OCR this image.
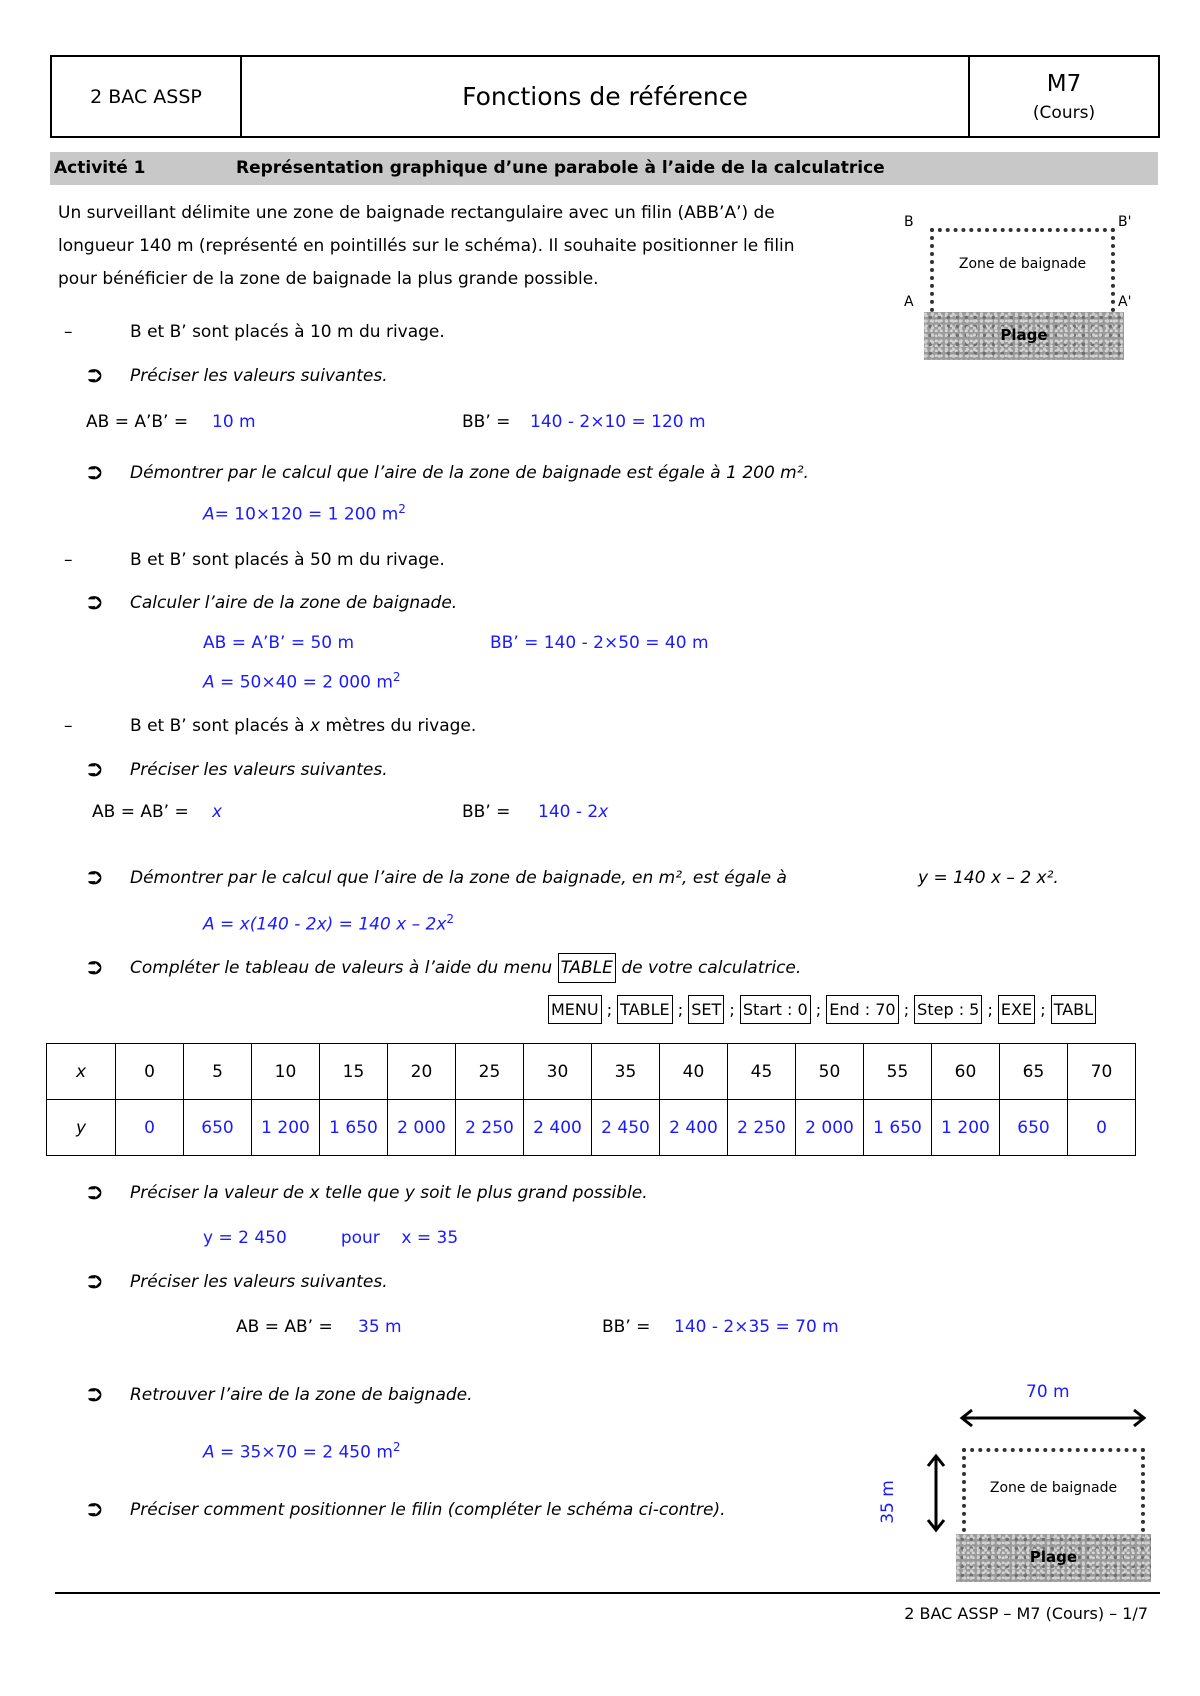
2 BAC ASSP	Fonctions de référence	M7
(Cours)
Activité 1	Représentation graphique d’une parabole à l’aide de la calculatrice
Un surveillant délimite une zone de baignade rectangulaire avec un filin (ABB’A’) de
longueur 140 m (représenté en pointillés sur le schéma). Il souhaite positionner le filin
pour bénéficier de la zone de baignade la plus grande possible.
B	B'
A	A'
Zone de baignade
Plage
–	B et B’ sont placés à 10 m du rivage.
⮊ Préciser les valeurs suivantes.
AB = A’B’ = 10 m	BB’ = 140 - 2×10 = 120 m
⮊ Démontrer par le calcul que l’aire de la zone de baignade est égale à 1 200 m².
A= 10×120 = 1 200 $m^2$
–	B et B’ sont placés à 50 m du rivage.
⮊ Calculer l’aire de la zone de baignade.
AB = A’B’ = 50 m	BB’ = 140 - 2×50 = 40 m
A = 50×40 = 2 000 $m^2$
–	B et B’ sont placés à x mètres du rivage.
⮊ Préciser les valeurs suivantes.
AB = AB’ = x	BB’ = 140 - 2x
⮊ Démontrer par le calcul que l’aire de la zone de baignade, en m², est égale à	y = 140 x – 2 x².
A = x(140 - 2x) = 140 x – $2x^2$
⮊ Compléter le tableau de valeurs à l’aide du menu TABLE de votre calculatrice.
MENU ; TABLE ; SET ; Start : 0 ; End : 70 ; Step : 5 ; EXE ; TABL
x	0	5	10	15	20	25	30	35	40	45	50	55	60	65	70
y	0	650	1 200	1 650	2 000	2 250	2 400	2 450	2 400	2 250	2 000	1 650	1 200	650	0
⮊ Préciser la valeur de x telle que y soit le plus grand possible.
y = 2 450          pour    x = 35
⮊ Préciser les valeurs suivantes.
AB = AB’ = 35 m	BB’ = 140 - 2×35 = 70 m
⮊ Retrouver l’aire de la zone de baignade.
A = 35×70 = 2 450 $m^2$
⮊ Préciser comment positionner le filin (compléter le schéma ci-contre).
70 m
35 m	Zone de baignade
Plage
2 BAC ASSP – M7 (Cours) – 1/7
